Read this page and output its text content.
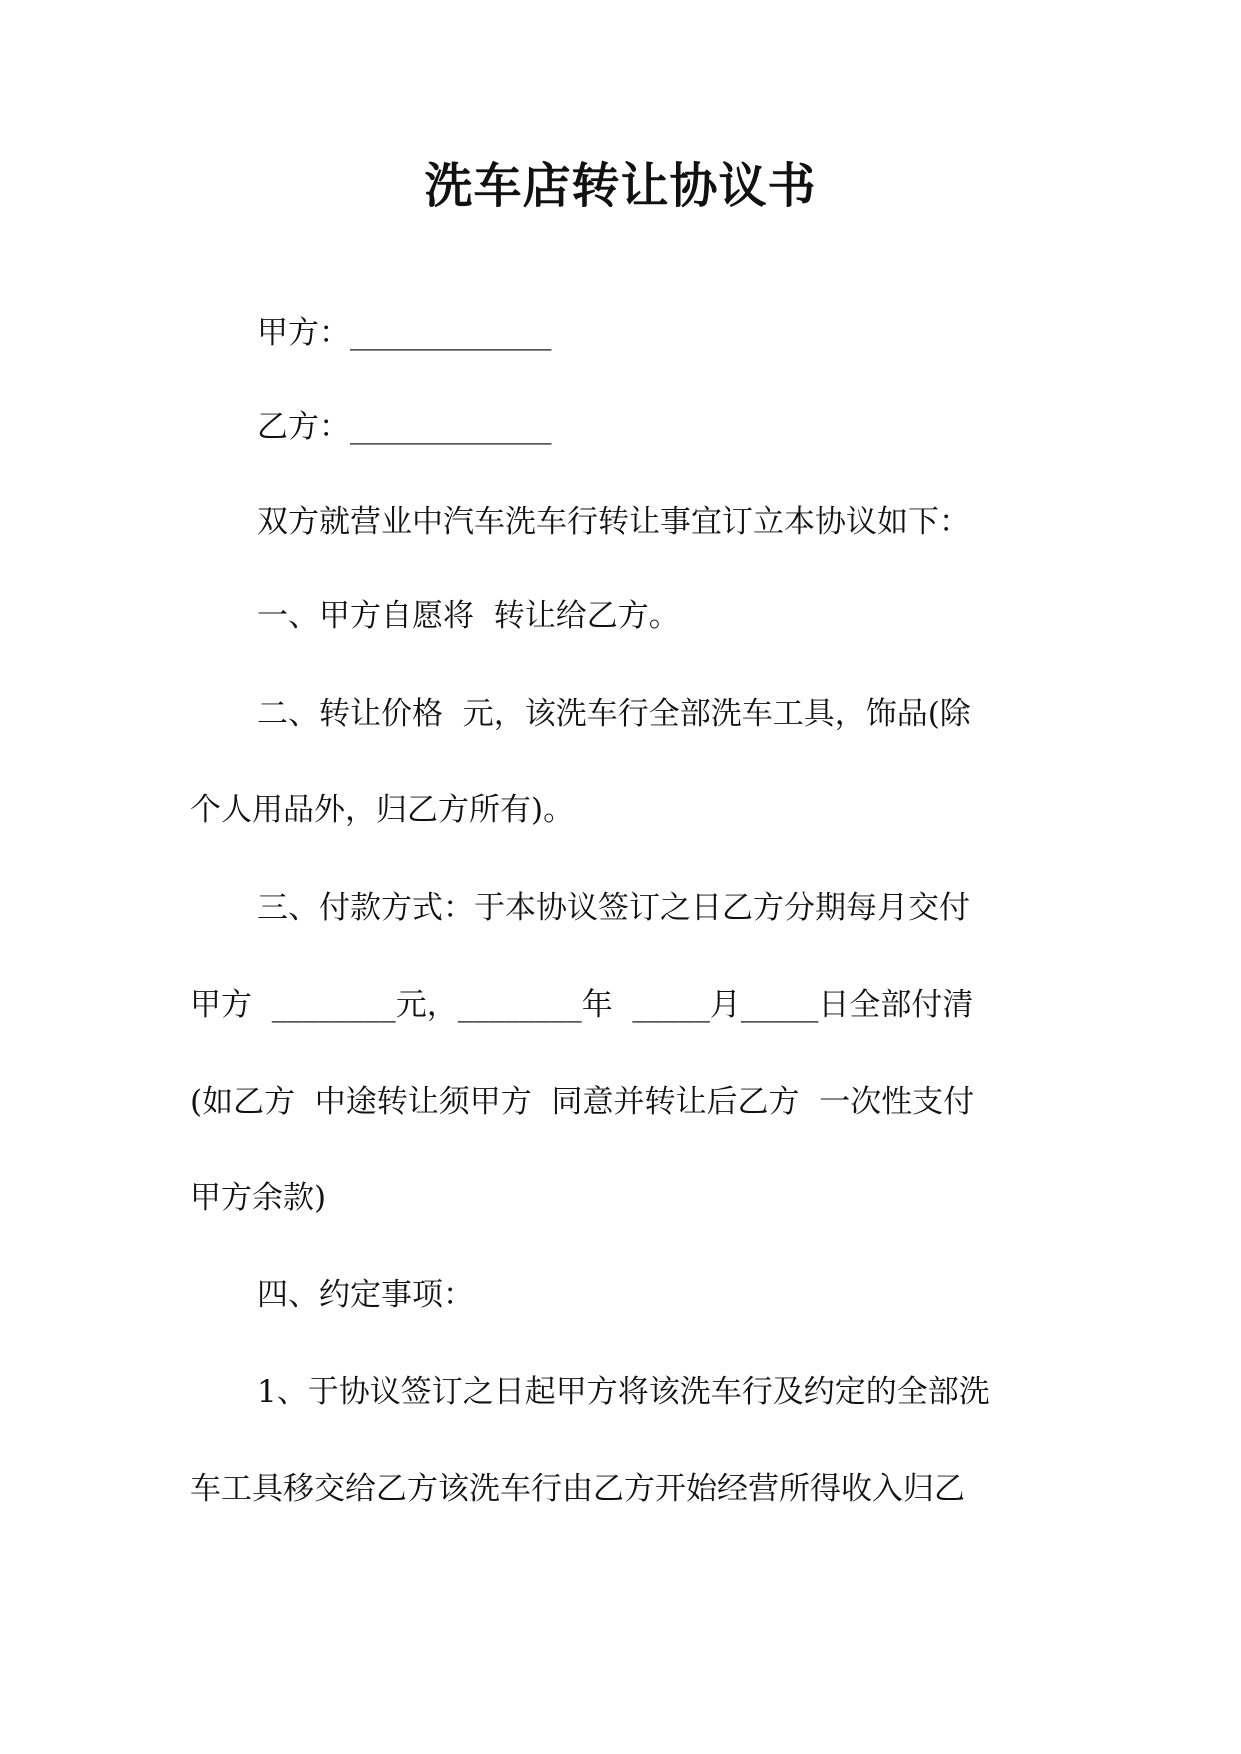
洗车店转让协议书
甲方：_____________
乙方：_____________
双方就营业中汽车洗车行转让事宜订立本协议如下：
一、甲方自愿将  转让给乙方。
二、转让价格  元，该洗车行全部洗车工具，饰品(除
个人用品外，归乙方所有)。
三、付款方式：于本协议签订之日乙方分期每月交付
甲方  ________元，________年  _____月_____日全部付清
(如乙方  中途转让须甲方  同意并转让后乙方  一次性支付
甲方余款)
四、约定事项：
1、于协议签订之日起甲方将该洗车行及约定的全部洗
车工具移交给乙方该洗车行由乙方开始经营所得收入归乙
